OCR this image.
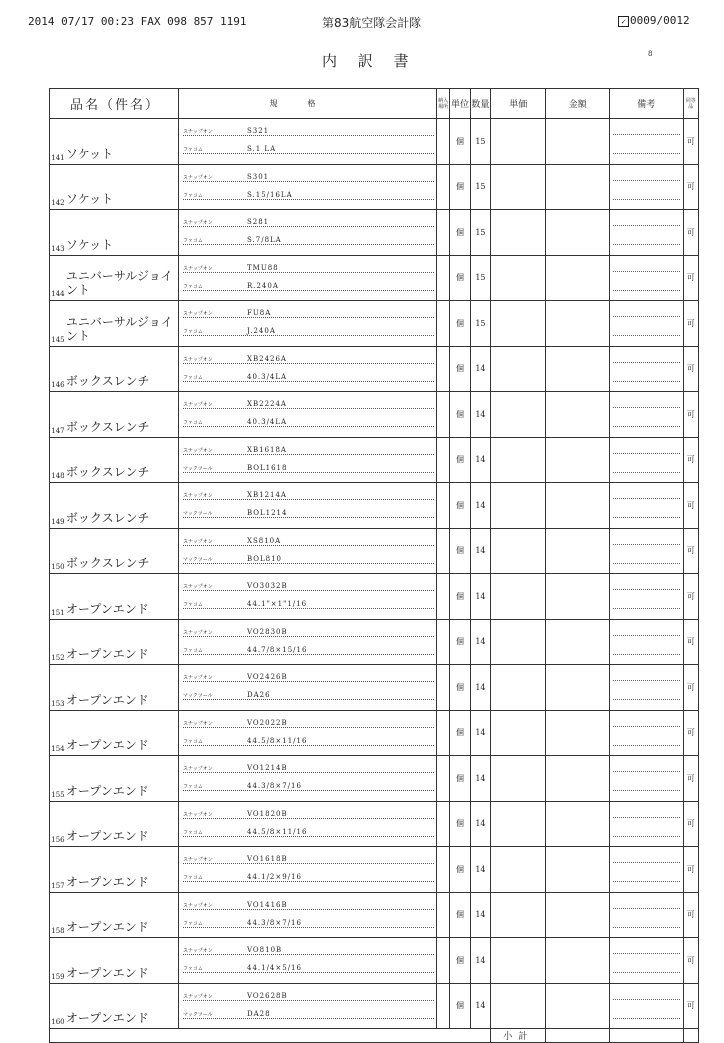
2014 07/17 00:23 FAX 098 857 1191	第83航空隊会計隊	✓ 0009/0012
内 訳 書	8
品名（件名）		規格	納入場所	単位	数量	単価	金額	備考	同等品
141	ソケット	スナップオン S321
ファコム S.1 LA		個	15				可
142	ソケット	スナップオン S301
ファコム S.15/16LA		個	15				可
143	ソケット	スナップオン S281
ファコム S.7/8LA		個	15				可
144	ユニバーサルジョイント	スナップオン TMU88
ファコム R.240A		個	15				可
145	ユニバーサルジョイント	スナップオン FU8A
ファコム J.240A		個	15				可
146	ボックスレンチ	スナップオン XB2426A
ファコム 40.3/4LA		個	14				可
147	ボックスレンチ	スナップオン XB2224A
ファコム 40.3/4LA		個	14				可
148	ボックスレンチ	スナップオン XB1618A
マックツール BOL1618		個	14				可
149	ボックスレンチ	スナップオン XB1214A
マックツール BOL1214		個	14				可
150	ボックスレンチ	スナップオン XS810A
マックツール BOL810		個	14				可
151	オープンエンド	スナップオン VO3032B
ファコム 44.1"×1"1/16		個	14				可
152	オープンエンド	スナップオン VO2830B
ファコム 44.7/8×15/16		個	14				可
153	オープンエンド	スナップオン VO2426B
マックツール DA26		個	14				可
154	オープンエンド	スナップオン VO2022B
ファコム 44.5/8×11/16		個	14				可
155	オープンエンド	スナップオン VO1214B
ファコム 44.3/8×7/16		個	14				可
156	オープンエンド	スナップオン VO1820B
ファコム 44.5/8×11/16		個	14				可
157	オープンエンド	スナップオン VO1618B
ファコム 44.1/2×9/16		個	14				可
158	オープンエンド	スナップオン VO1416B
ファコム 44.3/8×7/16		個	14				可
159	オープンエンド	スナップオン VO810B
ファコム 44.1/4×5/16		個	14				可
160	オープンエンド	スナップオン VO2628B
マックツール DA28		個	14				可
						小計			
